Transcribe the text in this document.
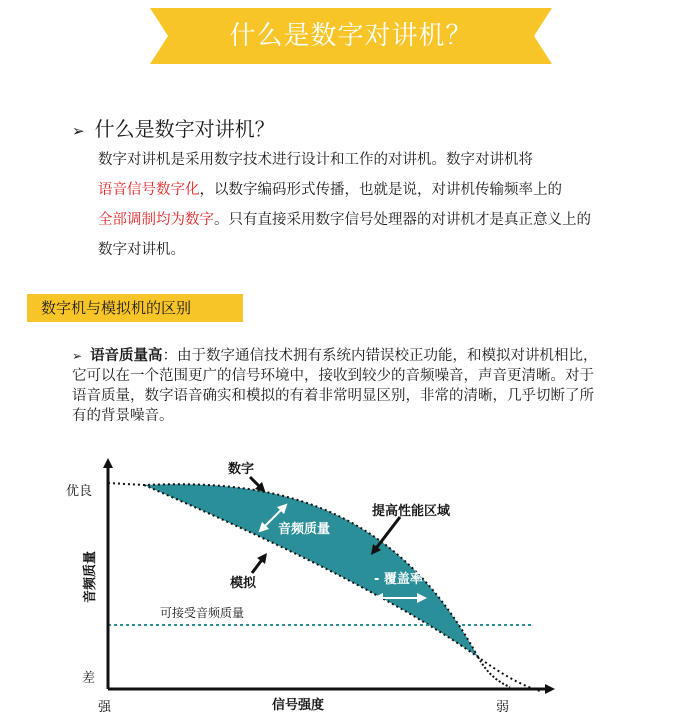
什么是数字对讲机？
➢ 什么是数字对讲机？
数字对讲机是采用数字技术进行设计和工作的对讲机。数字对讲机将
语音信号数字化，以数字编码形式传播，也就是说，对讲机传输频率上的
全部调制均为数字。只有直接采用数字信号处理器的对讲机才是真正意义上的
数字对讲机。
数字机与模拟机的区别
➢ 语音质量高：由于数字通信技术拥有系统内错误校正功能，和模拟对讲机相比，
它可以在一个范围更广的信号环境中，接收到较少的音频噪音，声音更清晰。对于
语音质量，数字语音确实和模拟的有着非常明显区别，非常的清晰，几乎切断了所
有的背景噪音。
优良
差
强	弱
信号强度
音频质量
数字
模拟
音频质量
提高性能区域
- 覆盖率
可接受音频质量
